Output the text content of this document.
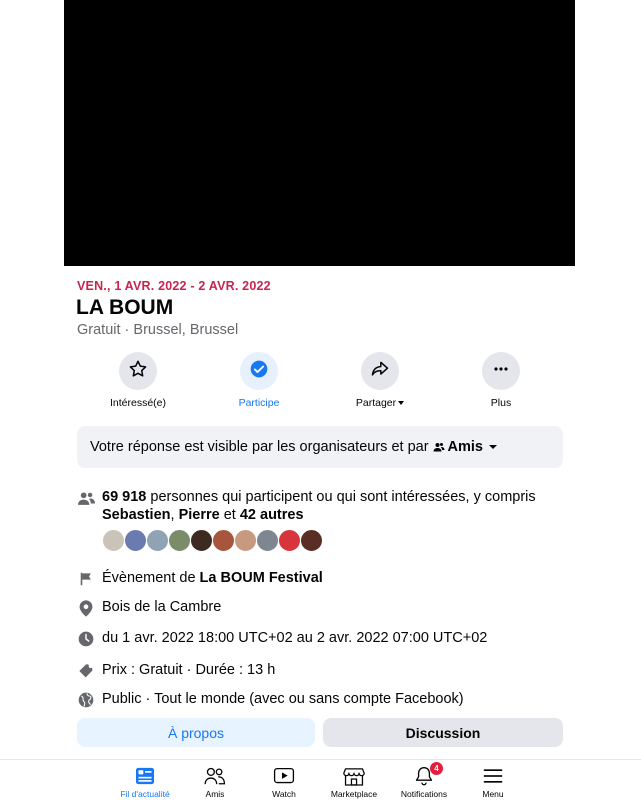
VEN., 1 AVR. 2022 - 2 AVR. 2022
LA BOUM
Gratuit · Brussel, Brussel
Intéressé(e)	Participe	Partager	Plus
Votre réponse est visible par les organisateurs et par Amis
69 918 personnes qui participent ou qui sont intéressées, y compris
Sebastien, Pierre et 42 autres
Évènement de La BOUM Festival
Bois de la Cambre
du 1 avr. 2022 18:00 UTC+02 au 2 avr. 2022 07:00 UTC+02
Prix : Gratuit · Durée : 13 h
Public · Tout le monde (avec ou sans compte Facebook)
À propos	Discussion
Fil d'actualité	Amis	Watch	Marketplace
4
Notifications	Menu
